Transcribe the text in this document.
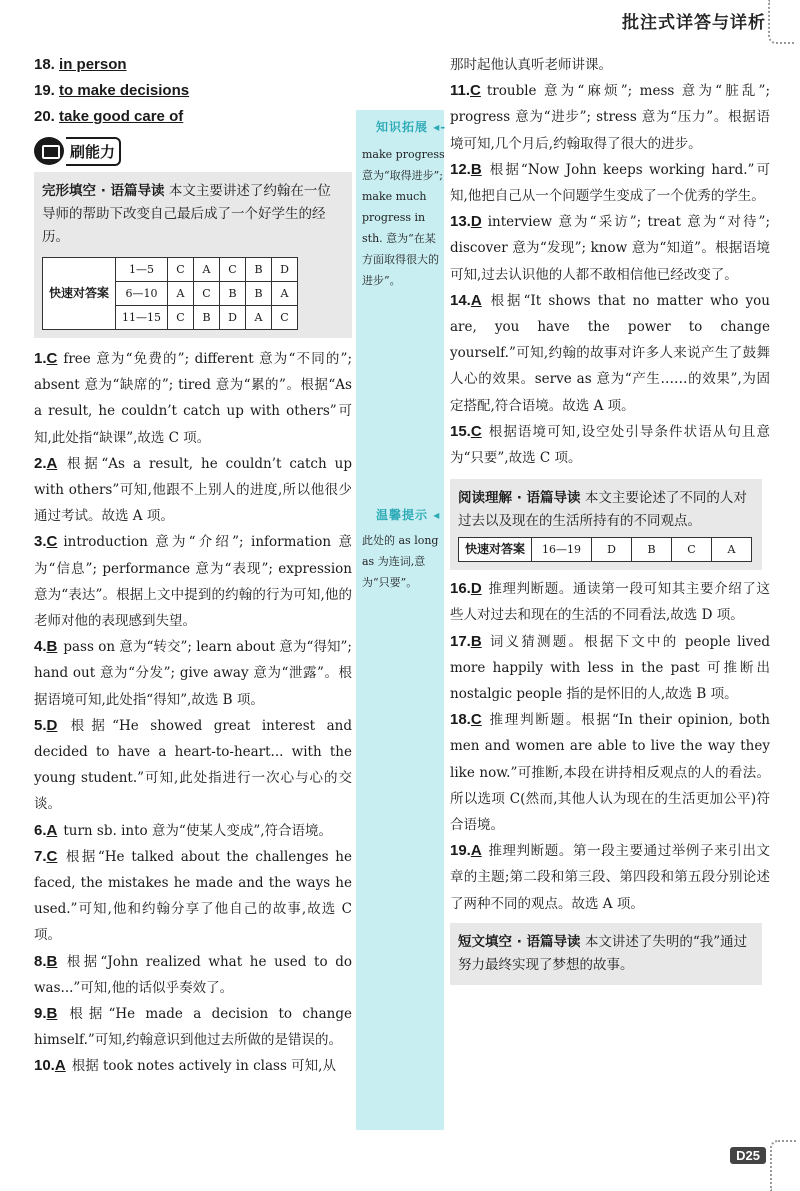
批注式详答与详析
知识拓展 ◂-
make progress 意为“取得进步”; make much progress in sth. 意为“在某方面取得很大的进步”。
温馨提示 ◂
此处的 as long as 为连词,意为“只要”。
18. in person
19. to make decisions
20. take good care of
刷能力
完形填空 · 语篇导读 本文主要讲述了约翰在一位导师的帮助下改变自己最后成了一个好学生的经历。
快速对答案	1—5	C	A	C	B	D
	6—10	A	C	B	B	A
	11—15	C	B	D	A	C
1.C free 意为“免费的”; different 意为“不同的”; absent 意为“缺席的”; tired 意为“累的”。根据“As a result, he couldn’t catch up with others”可知,此处指“缺课”,故选 C 项。
2.A 根据“As a result, he couldn’t catch up with others”可知,他跟不上别人的进度,所以他很少通过考试。故选 A 项。
3.C introduction 意为“介绍”; information 意为“信息”; performance 意为“表现”; expression 意为“表达”。根据上文中提到的约翰的行为可知,他的老师对他的表现感到失望。
4.B pass on 意为“转交”; learn about 意为“得知”; hand out 意为“分发”; give away 意为“泄露”。根据语境可知,此处指“得知”,故选 B 项。
5.D 根据“He showed great interest and decided to have a heart-to-heart... with the young student.”可知,此处指进行一次心与心的交谈。
6.A turn sb. into 意为“使某人变成”,符合语境。
7.C 根据“He talked about the challenges he faced, the mistakes he made and the ways he used.”可知,他和约翰分享了他自己的故事,故选 C 项。
8.B 根据“John realized what he used to do was...”可知,他的话似乎奏效了。
9.B 根据“He made a decision to change himself.”可知,约翰意识到他过去所做的是错误的。
10.A 根据 took notes actively in class 可知,从
那时起他认真听老师讲课。
11.C trouble 意为“麻烦”; mess 意为“脏乱”; progress 意为“进步”; stress 意为“压力”。根据语境可知,几个月后,约翰取得了很大的进步。
12.B 根据“Now John keeps working hard.”可知,他把自己从一个问题学生变成了一个优秀的学生。
13.D interview 意为“采访”; treat 意为“对待”; discover 意为“发现”; know 意为“知道”。根据语境可知,过去认识他的人都不敢相信他已经改变了。
14.A 根据“It shows that no matter who you are, you have the power to change yourself.”可知,约翰的故事对许多人来说产生了鼓舞人心的效果。serve as 意为“产生……的效果”,为固定搭配,符合语境。故选 A 项。
15.C 根据语境可知,设空处引导条件状语从句且意为“只要”,故选 C 项。
阅读理解 · 语篇导读 本文主要论述了不同的人对过去以及现在的生活所持有的不同观点。
快速对答案	16—19	D	B	C	A
16.D 推理判断题。通读第一段可知其主要介绍了这些人对过去和现在的生活的不同看法,故选 D 项。
17.B 词义猜测题。根据下文中的 people lived more happily with less in the past 可推断出 nostalgic people 指的是怀旧的人,故选 B 项。
18.C 推理判断题。根据“In their opinion, both men and women are able to live the way they like now.”可推断,本段在讲持相反观点的人的看法。所以选项 C(然而,其他人认为现在的生活更加公平)符合语境。
19.A 推理判断题。第一段主要通过举例子来引出文章的主题;第二段和第三段、第四段和第五段分别论述了两种不同的观点。故选 A 项。
短文填空 · 语篇导读 本文讲述了失明的“我”通过努力最终实现了梦想的故事。
D25
